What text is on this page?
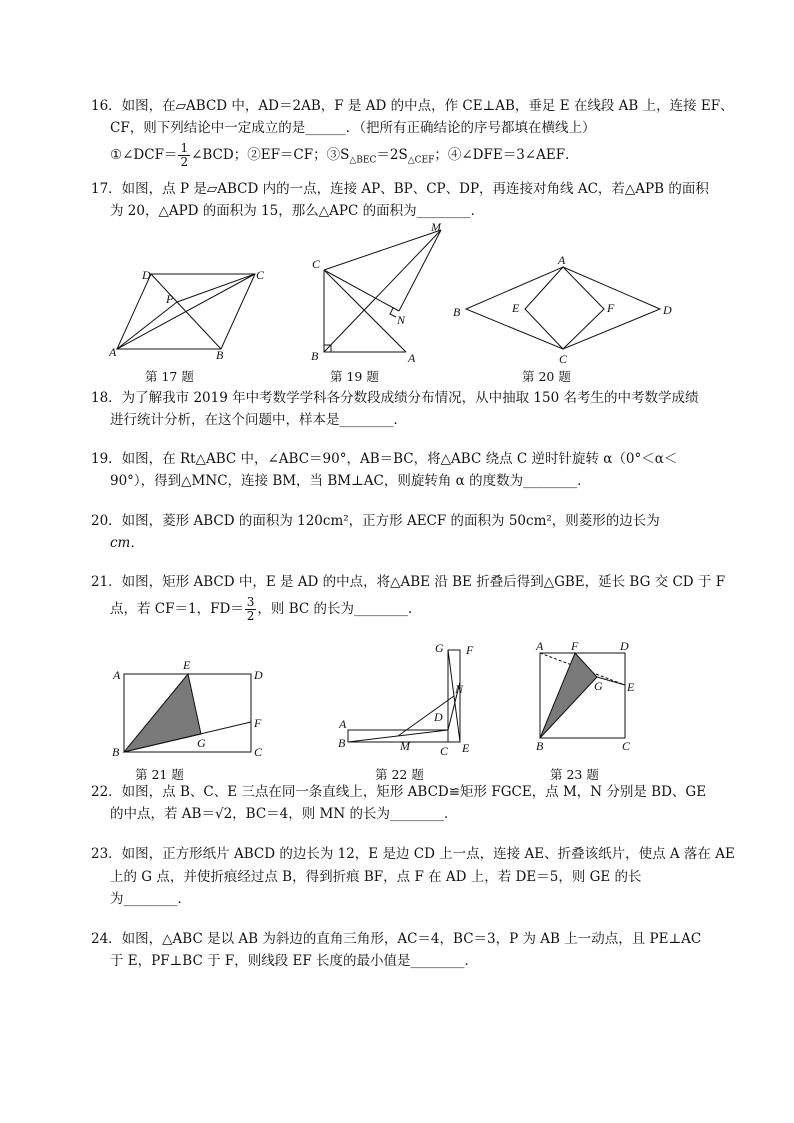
16．如图，在▱ABCD 中，AD＝2AB，F 是 AD 的中点，作 CE⊥AB，垂足 E 在线段 AB 上，连接 EF、
CF，则下列结论中一定成立的是______．（把所有正确结论的序号都填在横线上）
①∠DCF＝ $\frac{1}{2}$ ∠BCD；②EF＝CF；$③S_{\triangle BEC}=2S_{\triangle CEF}$；④∠DFE＝3∠AEF．
17．如图，点 P 是▱ABCD 内的一点，连接 AP、BP、CP、DP，再连接对角线 AC，若△APB 的面积
为 20，△APD 的面积为 15，那么△APC 的面积为________．
D	C
P
A	B
第 17 题
M
C
N
B	A
第 19 题
A
E	F
B	D
C
第 20 题
18．为了解我市 2019 年中考数学学科各分数段成绩分布情况，从中抽取 150 名考生的中考数学成绩
进行统计分析，在这个问题中，样本是________．
19．如图，在 Rt△ABC 中，∠ABC＝90°，AB＝BC，将△ABC 绕点 C 逆时针旋转 α（0°＜α＜
90°），得到△MNC，连接 BM，当 BM⊥AC，则旋转角 α 的度数为________．
20．如图，菱形 ABCD 的面积为 120cm²，正方形 AECF 的面积为 50cm²，则菱形的边长为
cm．
21．如图，矩形 ABCD 中，E 是 AD 的中点，将△ABE 沿 BE 折叠后得到△GBE，延长 BG 交 CD 于 F
点，若 CF＝1，$FD= \frac{3}{2}$ ，则 BC 的长为________．
A
E
D
F
G
B	C
第 21 题
G F
N
A	D
B	M	C E
第 22 题
A F	D
G E
B	C
第 23 题
22．如图，点 B、C、E 三点在同一条直线上，矩形 ABCD≌矩形 FGCE，点 M，N 分别是 BD、GE
的中点，若 AB＝√2，BC＝4，则 MN 的长为________．
23．如图，正方形纸片 ABCD 的边长为 12，E 是边 CD 上一点，连接 AE、折叠该纸片，使点 A 落在 AE
上的 G 点，并使折痕经过点 B，得到折痕 BF，点 F 在 AD 上，若 DE＝5，则 GE 的长
为________．
24．如图，△ABC 是以 AB 为斜边的直角三角形，AC＝4，BC＝3，P 为 AB 上一动点，且 PE⊥AC
于 E，PF⊥BC 于 F，则线段 EF 长度的最小值是________．
